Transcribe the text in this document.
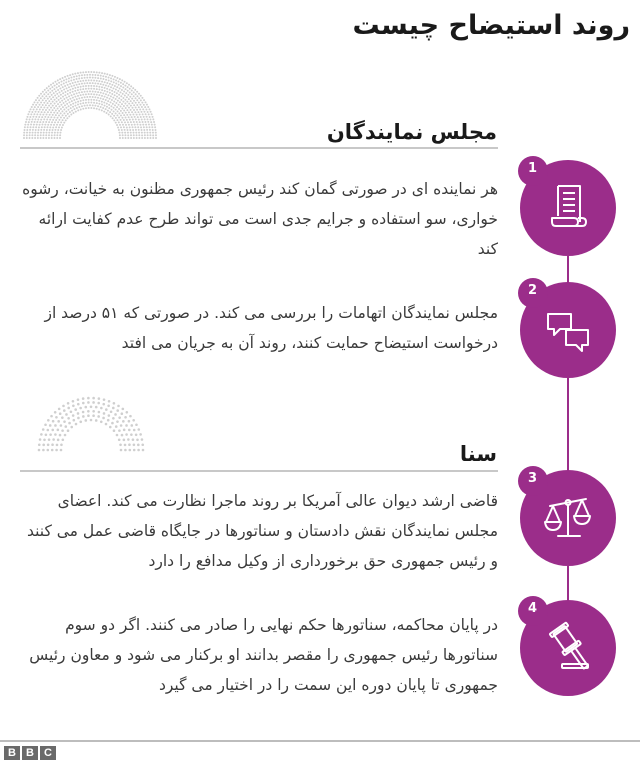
روند استیضاح چیست
مجلس نمایندگان
هر نماینده ای در صورتی گمان کند رئیس جمهوری مظنون به خیانت، رشوه خواری، سو استفاده و جرایم جدی است می تواند طرح عدم کفایت ارائه کند
مجلس نمایندگان اتهامات را بررسی می کند. در صورتی که ۵۱ درصد از درخواست استیضاح حمایت کنند، روند آن به جریان می افتد
سنا
قاضی ارشد دیوان عالی آمریکا بر روند ماجرا نظارت می کند. اعضای مجلس نمایندگان نقش دادستان و سناتورها در جایگاه قاضی عمل می کنند و رئیس جمهوری حق برخورداری از وکیل مدافع را دارد
در پایان محاکمه، سناتورها حکم نهایی را صادر می کنند. اگر دو سوم سناتورها رئیس جمهوری را مقصر بدانند او برکنار می شود و معاون رئیس جمهوری تا پایان دوره این سمت را در اختیار می گیرد
1
2
3
4
B B C
